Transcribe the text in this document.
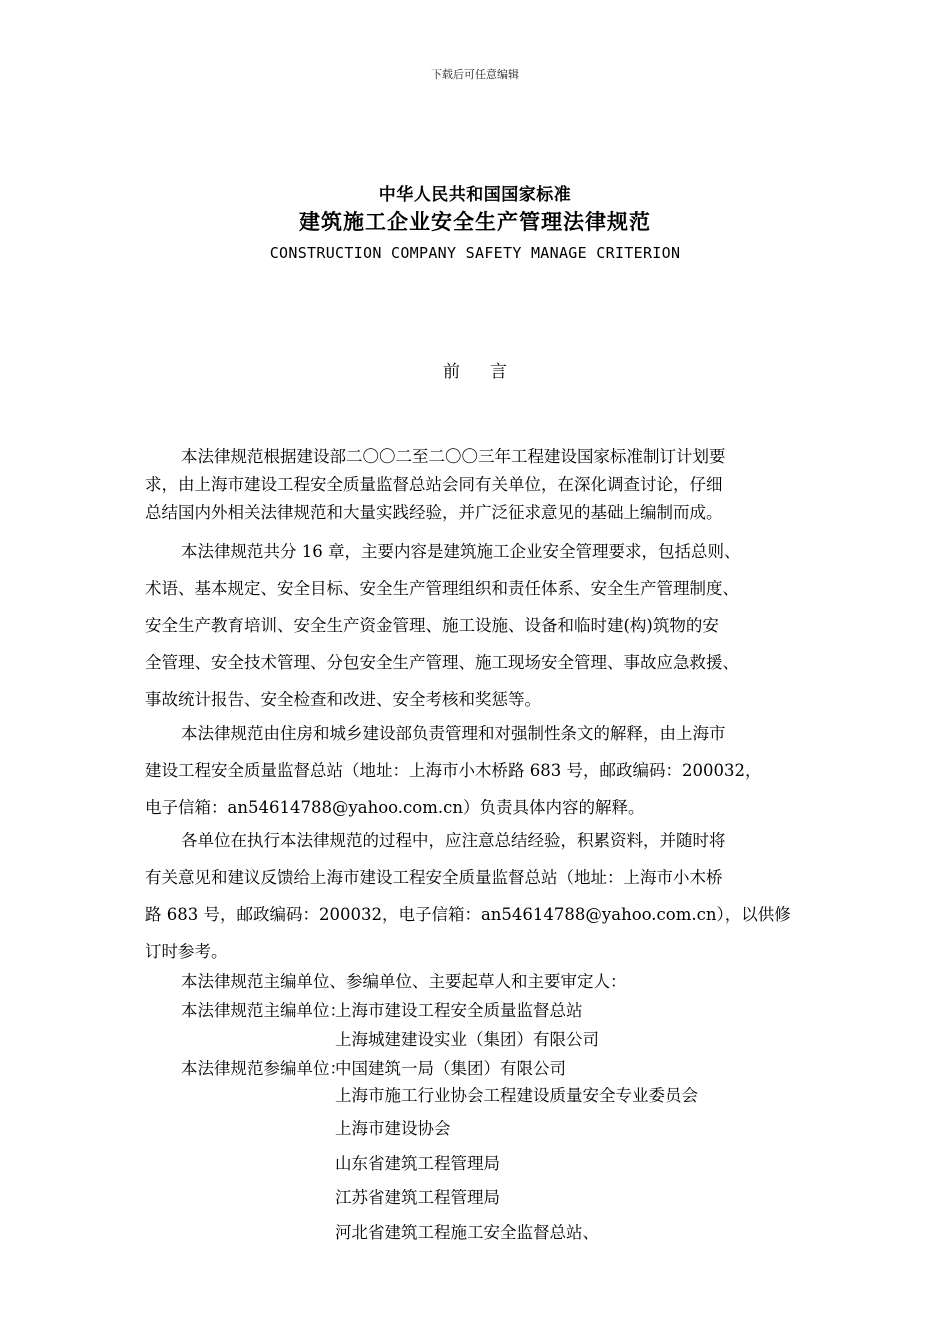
下载后可任意编辑
中华人民共和国国家标准
建筑施工企业安全生产管理法律规范
CONSTRUCTION COMPANY SAFETY MANAGE CRITERION
前言
本法律规范根据建设部二〇〇二至二〇〇三年工程建设国家标准制订计划要
求，由上海市建设工程安全质量监督总站会同有关单位，在深化调查讨论，仔细
总结国内外相关法律规范和大量实践经验，并广泛征求意见的基础上编制而成。
本法律规范共分 16 章，主要内容是建筑施工企业安全管理要求，包括总则、
术语、基本规定、安全目标、安全生产管理组织和责任体系、安全生产管理制度、
安全生产教育培训、安全生产资金管理、施工设施、设备和临时建(构)筑物的安
全管理、安全技术管理、分包安全生产管理、施工现场安全管理、事故应急救援、
事故统计报告、安全检查和改进、安全考核和奖惩等。
本法律规范由住房和城乡建设部负责管理和对强制性条文的解释，由上海市
建设工程安全质量监督总站（地址：上海市小木桥路 683 号，邮政编码：200032，
电子信箱：an54614788@yahoo.com.cn）负责具体内容的解释。
各单位在执行本法律规范的过程中，应注意总结经验，积累资料，并随时将
有关意见和建议反馈给上海市建设工程安全质量监督总站（地址：上海市小木桥
路 683 号，邮政编码：200032，电子信箱：an54614788@yahoo.com.cn），以供修
订时参考。
本法律规范主编单位、参编单位、主要起草人和主要审定人：
本法律规范主编单位：
上海市建设工程安全质量监督总站
上海城建建设实业（集团）有限公司
本法律规范参编单位：
中国建筑一局（集团）有限公司
上海市施工行业协会工程建设质量安全专业委员会
上海市建设协会
山东省建筑工程管理局
江苏省建筑工程管理局
河北省建筑工程施工安全监督总站、
